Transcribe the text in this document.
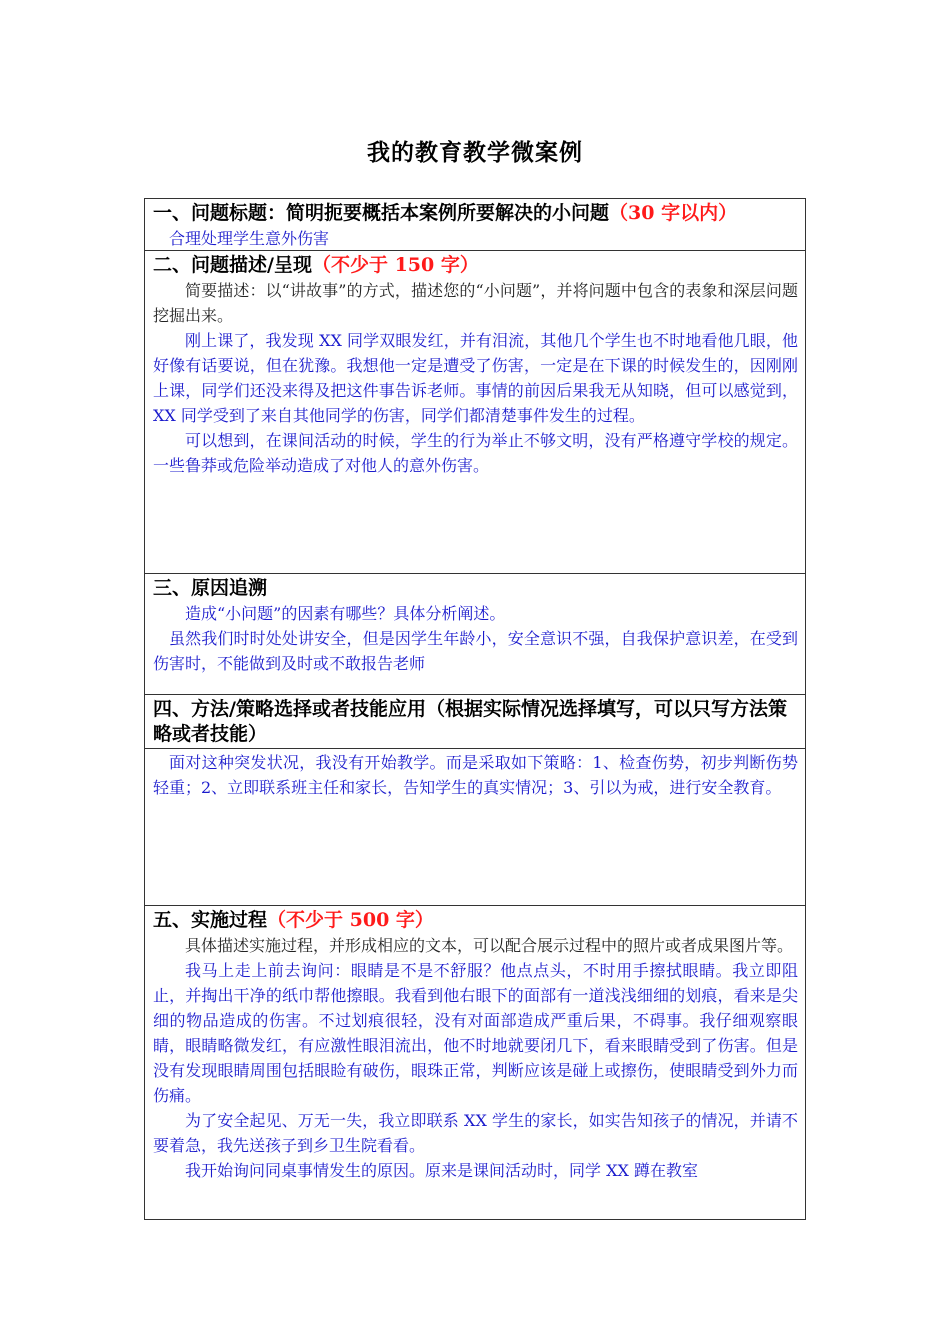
我的教育教学微案例
一、问题标题：简明扼要概括本案例所要解决的小问题（30 字以内）

合理处理学生意外伤害

二、问题描述/呈现（不少于 150 字）

简要描述：以“讲故事”的方式，描述您的“小问题”，并将问题中包含的表象和深层问题挖掘出来。

刚上课了，我发现 XX 同学双眼发红，并有泪流，其他几个学生也不时地看他几眼，他好像有话要说，但在犹豫。我想他一定是遭受了伤害，一定是在下课的时候发生的，因刚刚上课，同学们还没来得及把这件事告诉老师。事情的前因后果我无从知晓，但可以感觉到，XX 同学受到了来自其他同学的伤害，同学们都清楚事件发生的过程。

可以想到，在课间活动的时候，学生的行为举止不够文明，没有严格遵守学校的规定。一些鲁莽或危险举动造成了对他人的意外伤害。

三、原因追溯

造成“小问题”的因素有哪些？具体分析阐述。

虽然我们时时处处讲安全，但是因学生年龄小，安全意识不强，自我保护意识差，在受到伤害时，不能做到及时或不敢报告老师

四、方法/策略选择或者技能应用（根据实际情况选择填写，可以只写方法策略或者技能）

面对这种突发状况，我没有开始教学。而是采取如下策略：1、检查伤势，初步判断伤势轻重；2、立即联系班主任和家长，告知学生的真实情况；3、引以为戒，进行安全教育。

五、实施过程（不少于 500 字）

具体描述实施过程，并形成相应的文本，可以配合展示过程中的照片或者成果图片等。

我马上走上前去询问：眼睛是不是不舒服？他点点头，不时用手擦拭眼睛。我立即阻止，并掏出干净的纸巾帮他擦眼。我看到他右眼下的面部有一道浅浅细细的划痕，看来是尖细的物品造成的伤害。不过划痕很轻，没有对面部造成严重后果，不碍事。我仔细观察眼睛，眼睛略微发红，有应激性眼泪流出，他不时地就要闭几下，看来眼睛受到了伤害。但是没有发现眼睛周围包括眼睑有破伤，眼珠正常，判断应该是碰上或擦伤，使眼睛受到外力而伤痛。

为了安全起见、万无一失，我立即联系 XX 学生的家长，如实告知孩子的情况，并请不要着急，我先送孩子到乡卫生院看看。

我开始询问同桌事情发生的原因。原来是课间活动时，同学 XX 蹲在教室
